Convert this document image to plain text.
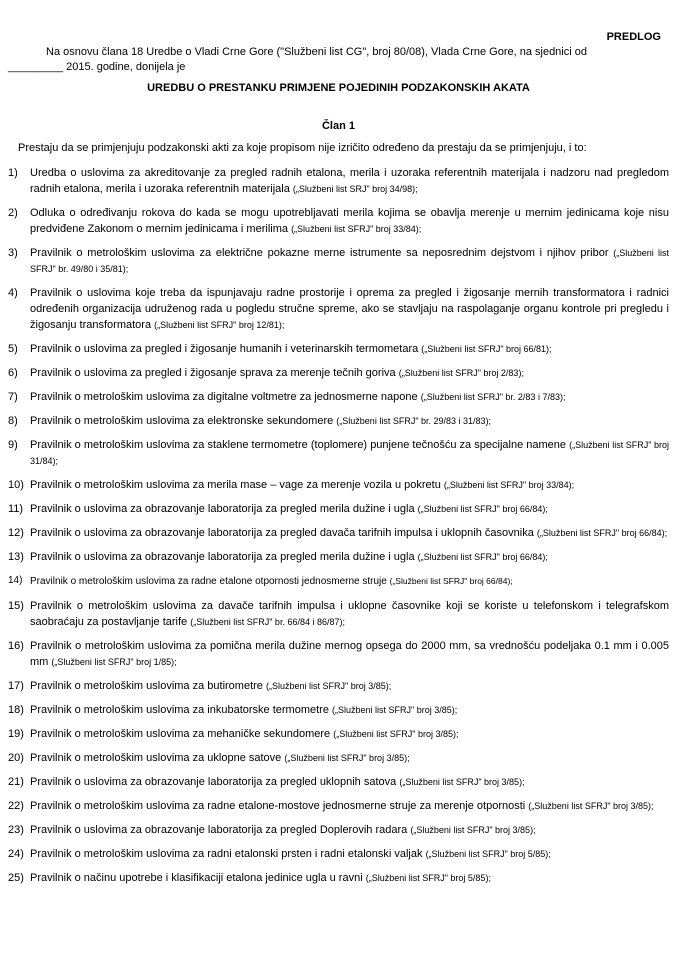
PREDLOG

Na osnovu člana 18 Uredbe o Vladi Crne Gore ("Službeni list CG", broj 80/08), Vlada Crne Gore, na sjednici od
_________ 2015. godine, donijela je

UREDBU O PRESTANKU PRIMJENE POJEDINIH PODZAKONSKIH AKATA
Član 1

Prestaju da se primjenjuju podzakonski akti za koje propisom nije izričito određeno da prestaju da se primjenjuju, i to:

1) Uredba o uslovima za akreditovanje za pregled radnih etalona, merila i uzoraka referentnih materijala i nadzoru nad pregledom radnih etalona, merila i uzoraka referentnih materijala („Službeni list SRJ" broj 34/98);
2) Odluka o određivanju rokova do kada se mogu upotrebljavati merila kojima se obavlja merenje u mernim jedinicama koje nisu predviđene Zakonom o mernim jedinicama i merilima („Službeni list SFRJ" broj 33/84);
3) Pravilnik o metrološkim uslovima za električne pokazne merne istrumente sa neposrednim dejstvom i njihov pribor („Službeni list SFRJ" br. 49/80 i 35/81);
4) Pravilnik o uslovima koje treba da ispunjavaju radne prostorije i oprema za pregled i žigosanje mernih transformatora i radnici određenih organizacija udruženog rada u pogledu stručne spreme, ako se stavljaju na raspolaganje organu kontrole pri pregledu i žigosanju transformatora („Službeni list SFRJ" broj 12/81);
5) Pravilnik o uslovima za pregled i žigosanje humanih i veterinarskih termometara („Službeni list SFRJ" broj 66/81);
6) Pravilnik o uslovima za pregled i žigosanje sprava za merenje tečnih goriva („Službeni list SFRJ" broj 2/83);
7) Pravilnik o metrološkim uslovima za digitalne voltmetre za jednosmerne napone („Službeni list SFRJ" br. 2/83 i 7/83);
8) Pravilnik o metrološkim uslovima za elektronske sekundomere („Službeni list SFRJ" br. 29/83 i 31/83);
9) Pravilnik o metrološkim uslovima za staklene termometre (toplomere) punjene tečnošću za specijalne namene („Službeni list SFRJ" broj 31/84);
10) Pravilnik o metrološkim uslovima za merila mase – vage za merenje vozila u pokretu („Službeni list SFRJ" broj 33/84);
11) Pravilnik o uslovima za obrazovanje laboratorija za pregled merila dužine i ugla („Službeni list SFRJ" broj 66/84);
12) Pravilnik o uslovima za obrazovanje laboratorija za pregled davača tarifnih impulsa i uklopnih časovnika („Službeni list SFRJ" broj 66/84);
13) Pravilnik o uslovima za obrazovanje laboratorija za pregled merila dužine i ugla („Službeni list SFRJ" broj 66/84);
14) Pravilnik o metrološkim uslovima za radne etalone otpornosti jednosmerne struje („Službeni list SFRJ" broj 66/84);
15) Pravilnik o metrološkim uslovima za davače tarifnih impulsa i uklopne časovnike koji se koriste u telefonskom i telegrafskom saobraćaju za postavljanje tarife („Službeni list SFRJ" br. 66/84 i 86/87);
16) Pravilnik o metrološkim uslovima za pomična merila dužine mernog opsega do 2000 mm, sa vrednošću podeljaka 0.1 mm i 0.005 mm („Službeni list SFRJ" broj 1/85);
17) Pravilnik o metrološkim uslovima za butirometre („Službeni list SFRJ" broj 3/85);
18) Pravilnik o metrološkim uslovima za inkubatorske termometre („Službeni list SFRJ" broj 3/85);
19) Pravilnik o metrološkim uslovima za mehaničke sekundomere („Službeni list SFRJ" broj 3/85);
20) Pravilnik o metrološkim uslovima za uklopne satove („Službeni list SFRJ" broj 3/85);
21) Pravilnik o uslovima za obrazovanje laboratorija za pregled uklopnih satova („Službeni list SFRJ" broj 3/85);
22) Pravilnik o metrološkim uslovima za radne etalone-mostove jednosmerne struje za merenje otpornosti („Službeni list SFRJ" broj 3/85);
23) Pravilnik o uslovima za obrazovanje laboratorija za pregled Doplerovih radara („Službeni list SFRJ" broj 3/85);
24) Pravilnik o metrološkim uslovima za radni etalonski prsten i radni etalonski valjak („Službeni list SFRJ" broj 5/85);
25) Pravilnik o načinu upotrebe i klasifikaciji etalona jedinice ugla u ravni („Službeni list SFRJ" broj 5/85);
